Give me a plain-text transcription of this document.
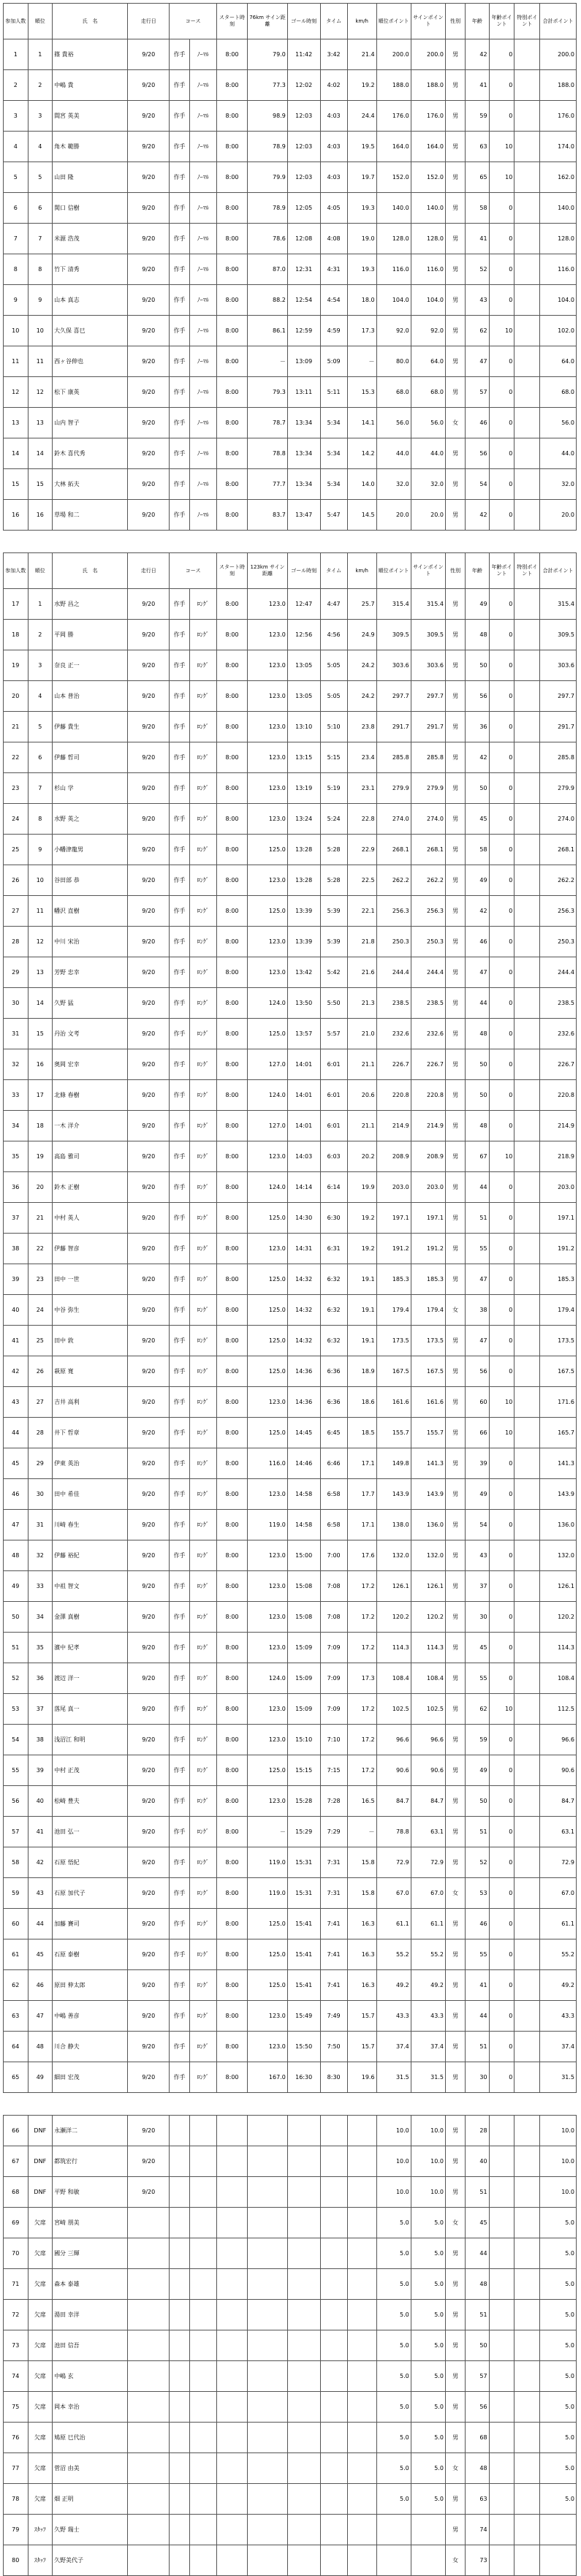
参加人数	順位	氏　名	走行日	コース		スタート時刻	76km サイン距離	ゴール時刻	タイム	km/h	順位ポイント	サインポイント	性別	年齢	年齢ポイント	特別ポイント	合計ポイント
1	1	篠 貴裕	9/20	作手	ﾉｰﾏﾙ	8:00	79.0	11:42	3:42	21.4	200.0	200.0	男	42	0		200.0
2	2	中嶋 貴	9/20	作手	ﾉｰﾏﾙ	8:00	77.3	12:02	4:02	19.2	188.0	188.0	男	41	0		188.0
3	3	間宮 英美	9/20	作手	ﾉｰﾏﾙ	8:00	98.9	12:03	4:03	24.4	176.0	176.0	男	59	0		176.0
4	4	角木 範勝	9/20	作手	ﾉｰﾏﾙ	8:00	78.9	12:03	4:03	19.5	164.0	164.0	男	63	10		174.0
5	5	山田 隆	9/20	作手	ﾉｰﾏﾙ	8:00	79.9	12:03	4:03	19.7	152.0	152.0	男	65	10		162.0
6	6	関口 信樹	9/20	作手	ﾉｰﾏﾙ	8:00	78.9	12:05	4:05	19.3	140.0	140.0	男	58	0		140.0
7	7	米源 浩茂	9/20	作手	ﾉｰﾏﾙ	8:00	78.6	12:08	4:08	19.0	128.0	128.0	男	41	0		128.0
8	8	竹下 清秀	9/20	作手	ﾉｰﾏﾙ	8:00	87.0	12:31	4:31	19.3	116.0	116.0	男	52	0		116.0
9	9	山本 真志	9/20	作手	ﾉｰﾏﾙ	8:00	88.2	12:54	4:54	18.0	104.0	104.0	男	43	0		104.0
10	10	大久保 喜巳	9/20	作手	ﾉｰﾏﾙ	8:00	86.1	12:59	4:59	17.3	92.0	92.0	男	62	10		102.0
11	11	西ヶ谷伸也	9/20	作手	ﾉｰﾏﾙ	8:00	－	13:09	5:09	－	80.0	64.0	男	47	0		64.0
12	12	松下 康英	9/20	作手	ﾉｰﾏﾙ	8:00	79.3	13:11	5:11	15.3	68.0	68.0	男	57	0		68.0
13	13	山内 智子	9/20	作手	ﾉｰﾏﾙ	8:00	78.7	13:34	5:34	14.1	56.0	56.0	女	46	0		56.0
14	14	鈴木 喜代秀	9/20	作手	ﾉｰﾏﾙ	8:00	78.8	13:34	5:34	14.2	44.0	44.0	男	56	0		44.0
15	15	大林 拓夫	9/20	作手	ﾉｰﾏﾙ	8:00	77.7	13:34	5:34	14.0	32.0	32.0	男	54	0		32.0
16	16	草場 和二	9/20	作手	ﾉｰﾏﾙ	8:00	83.7	13:47	5:47	14.5	20.0	20.0	男	42	0		20.0

参加人数	順位	氏　名	走行日	コース		スタート時刻	123km サイン距離	ゴール時刻	タイム	km/h	順位ポイント	サインポイント	性別	年齢	年齢ポイント	特別ポイント	合計ポイント
17	1	水野 昌之	9/20	作手	ﾛﾝｸﾞ	8:00	123.0	12:47	4:47	25.7	315.4	315.4	男	49	0		315.4
18	2	平岡 勝	9/20	作手	ﾛﾝｸﾞ	8:00	123.0	12:56	4:56	24.9	309.5	309.5	男	48	0		309.5
19	3	奈良 正一	9/20	作手	ﾛﾝｸﾞ	8:00	123.0	13:05	5:05	24.2	303.6	303.6	男	50	0		303.6
20	4	山本 普治	9/20	作手	ﾛﾝｸﾞ	8:00	123.0	13:05	5:05	24.2	297.7	297.7	男	56	0		297.7
21	5	伊藤 貴生	9/20	作手	ﾛﾝｸﾞ	8:00	123.0	13:10	5:10	23.8	291.7	291.7	男	36	0		291.7
22	6	伊藤 哲司	9/20	作手	ﾛﾝｸﾞ	8:00	123.0	13:15	5:15	23.4	285.8	285.8	男	42	0		285.8
23	7	杉山 学	9/20	作手	ﾛﾝｸﾞ	8:00	123.0	13:19	5:19	23.1	279.9	279.9	男	50	0		279.9
24	8	水野 英之	9/20	作手	ﾛﾝｸﾞ	8:00	123.0	13:24	5:24	22.8	274.0	274.0	男	45	0		274.0
25	9	小幡津龍男	9/20	作手	ﾛﾝｸﾞ	8:00	125.0	13:28	5:28	22.9	268.1	268.1	男	58	0		268.1
26	10	谷田部 恭	9/20	作手	ﾛﾝｸﾞ	8:00	123.0	13:28	5:28	22.5	262.2	262.2	男	49	0		262.2
27	11	幡沢 直樹	9/20	作手	ﾛﾝｸﾞ	8:00	125.0	13:39	5:39	22.1	256.3	256.3	男	42	0		256.3
28	12	中川 宋治	9/20	作手	ﾛﾝｸﾞ	8:00	123.0	13:39	5:39	21.8	250.3	250.3	男	46	0		250.3
29	13	芳野 忠幸	9/20	作手	ﾛﾝｸﾞ	8:00	123.0	13:42	5:42	21.6	244.4	244.4	男	47	0		244.4
30	14	久野 猛	9/20	作手	ﾛﾝｸﾞ	8:00	124.0	13:50	5:50	21.3	238.5	238.5	男	44	0		238.5
31	15	丹治 文考	9/20	作手	ﾛﾝｸﾞ	8:00	125.0	13:57	5:57	21.0	232.6	232.6	男	48	0		232.6
32	16	奥岡 宏幸	9/20	作手	ﾛﾝｸﾞ	8:00	127.0	14:01	6:01	21.1	226.7	226.7	男	50	0		226.7
33	17	北條 春樹	9/20	作手	ﾛﾝｸﾞ	8:00	124.0	14:01	6:01	20.6	220.8	220.8	男	50	0		220.8
34	18	一木 洋介	9/20	作手	ﾛﾝｸﾞ	8:00	127.0	14:01	6:01	21.1	214.9	214.9	男	48	0		214.9
35	19	高島 雅司	9/20	作手	ﾛﾝｸﾞ	8:00	123.0	14:03	6:03	20.2	208.9	208.9	男	67	10		218.9
36	20	鈴木 正樹	9/20	作手	ﾛﾝｸﾞ	8:00	124.0	14:14	6:14	19.9	203.0	203.0	男	44	0		203.0
37	21	中村 英人	9/20	作手	ﾛﾝｸﾞ	8:00	125.0	14:30	6:30	19.2	197.1	197.1	男	51	0		197.1
38	22	伊藤 智彦	9/20	作手	ﾛﾝｸﾞ	8:00	123.0	14:31	6:31	19.2	191.2	191.2	男	55	0		191.2
39	23	田中 一世	9/20	作手	ﾛﾝｸﾞ	8:00	125.0	14:32	6:32	19.1	185.3	185.3	男	47	0		185.3
40	24	中谷 弥生	9/20	作手	ﾛﾝｸﾞ	8:00	125.0	14:32	6:32	19.1	179.4	179.4	女	38	0		179.4
41	25	田中 敦	9/20	作手	ﾛﾝｸﾞ	8:00	125.0	14:32	6:32	19.1	173.5	173.5	男	47	0		173.5
42	26	萩原 寛	9/20	作手	ﾛﾝｸﾞ	8:00	125.0	14:36	6:36	18.9	167.5	167.5	男	56	0		167.5
43	27	吉井 高利	9/20	作手	ﾛﾝｸﾞ	8:00	123.0	14:36	6:36	18.6	161.6	161.6	男	60	10		171.6
44	28	井下 哲章	9/20	作手	ﾛﾝｸﾞ	8:00	125.0	14:45	6:45	18.5	155.7	155.7	男	66	10		165.7
45	29	伊東 英治	9/20	作手	ﾛﾝｸﾞ	8:00	116.0	14:46	6:46	17.1	149.8	141.3	男	39	0		141.3
46	30	田中 希佳	9/20	作手	ﾛﾝｸﾞ	8:00	123.0	14:58	6:58	17.7	143.9	143.9	男	49	0		143.9
47	31	川崎 春生	9/20	作手	ﾛﾝｸﾞ	8:00	119.0	14:58	6:58	17.1	138.0	136.0	男	54	0		136.0
48	32	伊藤 裕紀	9/20	作手	ﾛﾝｸﾞ	8:00	123.0	15:00	7:00	17.6	132.0	132.0	男	43	0		132.0
49	33	中祖 智文	9/20	作手	ﾛﾝｸﾞ	8:00	123.0	15:08	7:08	17.2	126.1	126.1	男	37	0		126.1
50	34	金澤 真樹	9/20	作手	ﾛﾝｸﾞ	8:00	123.0	15:08	7:08	17.2	120.2	120.2	男	30	0		120.2
51	35	濱中 紀孝	9/20	作手	ﾛﾝｸﾞ	8:00	123.0	15:09	7:09	17.2	114.3	114.3	男	45	0		114.3
52	36	渡辺 洋一	9/20	作手	ﾛﾝｸﾞ	8:00	124.0	15:09	7:09	17.3	108.4	108.4	男	55	0		108.4
53	37	落尾 真一	9/20	作手	ﾛﾝｸﾞ	8:00	123.0	15:09	7:09	17.2	102.5	102.5	男	62	10		112.5
54	38	浅沼江 和明	9/20	作手	ﾛﾝｸﾞ	8:00	123.0	15:10	7:10	17.2	96.6	96.6	男	59	0		96.6
55	39	中村 正茂	9/20	作手	ﾛﾝｸﾞ	8:00	125.0	15:15	7:15	17.2	90.6	90.6	男	49	0		90.6
56	40	松崎 豊夫	9/20	作手	ﾛﾝｸﾞ	8:00	123.0	15:28	7:28	16.5	84.7	84.7	男	50	0		84.7
57	41	池田 弘一	9/20	作手	ﾛﾝｸﾞ	8:00	－	15:29	7:29	－	78.8	63.1	男	51	0		63.1
58	42	石原 悟紀	9/20	作手	ﾛﾝｸﾞ	8:00	119.0	15:31	7:31	15.8	72.9	72.9	男	52	0		72.9
59	43	石原 加代子	9/20	作手	ﾛﾝｸﾞ	8:00	119.0	15:31	7:31	15.8	67.0	67.0	女	53	0		67.0
60	44	加藤 賽司	9/20	作手	ﾛﾝｸﾞ	8:00	125.0	15:41	7:41	16.3	61.1	61.1	男	46	0		61.1
61	45	石原 泰樹	9/20	作手	ﾛﾝｸﾞ	8:00	125.0	15:41	7:41	16.3	55.2	55.2	男	55	0		55.2
62	46	原田 伸太郎	9/20	作手	ﾛﾝｸﾞ	8:00	125.0	15:41	7:41	16.3	49.2	49.2	男	41	0		49.2
63	47	中嶋 善彦	9/20	作手	ﾛﾝｸﾞ	8:00	123.0	15:49	7:49	15.7	43.3	43.3	男	44	0		43.3
64	48	川合 静夫	9/20	作手	ﾛﾝｸﾞ	8:00	123.0	15:50	7:50	15.7	37.4	37.4	男	51	0		37.4
65	49	細田 宏茂	9/20	作手	ﾛﾝｸﾞ	8:00	167.0	16:30	8:30	19.6	31.5	31.5	男	30	0		31.5

66	DNF	永瀬洋二	9/20								10.0	10.0	男	28			10.0
67	DNF	都筑宏行	9/20								10.0	10.0	男	40			10.0
68	DNF	平野 和敏	9/20								10.0	10.0	男	51			10.0
69	欠席	宮崎 朋美									5.0	5.0	女	45			5.0
70	欠席	國分 三輝									5.0	5.0	男	44			5.0
71	欠席	森本 泰雄									5.0	5.0	男	48			5.0
72	欠席	湯田 幸洋									5.0	5.0	男	51			5.0
73	欠席	池田 信吾									5.0	5.0	男	50			5.0
74	欠席	中嶋 玄									5.0	5.0	男	57			5.0
75	欠席	岡本 幸治									5.0	5.0	男	56			5.0
76	欠席	鳩原 巳代治									5.0	5.0	男	68			5.0
77	欠席	菅沼 由美									5.0	5.0	女	48			5.0
78	欠席	畑 正明									5.0	5.0	男	63			5.0
79	ｽﾀｯﾌ	久野 瑞士											男	74			
80	ｽﾀｯﾌ	久野美代子											女	73			
